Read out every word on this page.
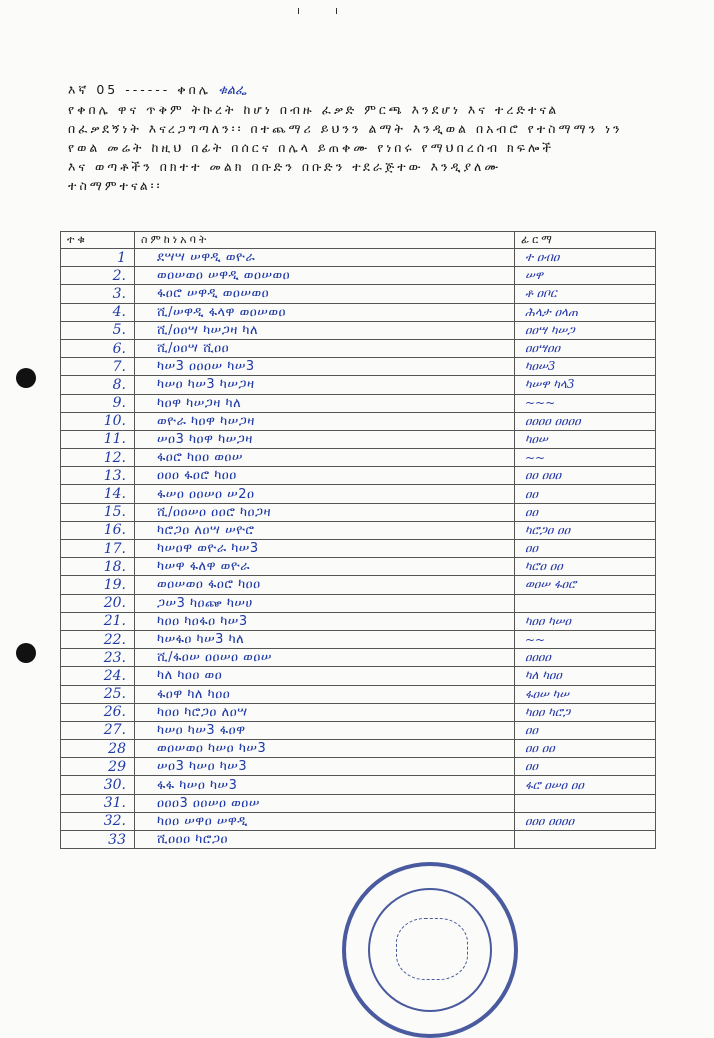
እኛ 05 ------ ቀበሌ ቁልፌ
የቀበሌ ዋና ጥቅም ትኩረት ከሆነ በብዙ ፈቃድ ምርጫ እንደሆነ እና ተረድተናል
በፈቃደኝነት እናረጋግጣለን፡፡ በተጨማሪ ይህንን ልማት እንዲወል በአብሮ የተስማማን ነን
የወል መሬት ከዚህ በፊት በሰርና በሌላ ይጠቀሙ የነበሩ የማህበረሰብ ክፍሎች
እና ወጣቶችን በክተተ መልክ በቡድን በቡድን ተደራጅተው እንዲያለሙ
ተስማምተናል፡፡
ተቁ	ስምከነአባት	ፊርማ
1	ደሣሣ ሠዋዲ ወዮራ	ተ ዐብዐ
2.	ወዐሠወዐ ሠዋዲ ወዐሠወዐ	ሠዋ
3.	ፋዐሮ ሠዋዲ ወዐሠወዐ	ቶ ዐቦር
4.	ሺ/ሠዋዲ ፋላዋ ወዐሠወዐ	ሕላታ ዐላጠ
5.	ሺ/ዐዐሣ ካሠጋዛ ካለ	ዐዐሣ ካሠጋ
6.	ሺ/ዐዐሣ ሺዐዐ	ዐዐሣዐዐ
7.	ካሠ3 ዐዐዐሠ ካሠ3	ካዐሠ3
8.	ካሠዐ ካሠ3 ካሠጋዛ	ካሠዋ ካላ3
9.	ካዐዋ ካሠጋዛ ካለ	~~~
10.	ወዮራ ካዐዋ ካሠጋዛ	ዐዐዐዐ ዐዐዐዐ
11.	ሠዐ3 ካዐዋ ካሠጋዛ	ካዐሠ
12.	ፋዐሮ ካዐዐ ወዐሠ	~~
13.	ዐዐዐ ፋዐሮ ካዐዐ	ዐዐ ዐዐዐ
14.	ፋሠዐ ዐዐሠዐ ሠ2ዐ	ዐዐ
15.	ሺ/ዐዐሠዐ ዐዐሮ ካዐጋዛ	ዐዐ
16.	ካሮጋዐ ለዐሣ ሠዮሮ	ካሮጋዐ ዐዐ
17.	ካሠዐዋ ወዮራ ካሠ3	ዐዐ
18.	ካሠዋ ፋለዋ ወዮራ	ካሮዐ ዐዐ
19.	ወዐሠወዐ ፋዐሮ ካዐዐ	ወዐሠ ፋዐሮ
20.	ጋሠ3 ካዐጬ ካሠሀ	
21.	ካዐዐ ካዐፋዐ ካሠ3	ካዐዐ ካሠዐ
22.	ካሠፋዐ ካሠ3 ካለ	~~
23.	ሺ/ፋዐሠ ዐዐሠዐ ወዐሠ	ዐዐዐዐ
24.	ካለ ካዐዐ ወዐ	ካለ ካዐዐ
25.	ፋዐዋ ካለ ካዐዐ	ፋዐሠ ካሠ
26.	ካዐዐ ካሮጋዐ ለዐሣ	ካዐዐ ካሮጋ
27.	ካሠዐ ካሠ3 ፋዐዋ	ዐዐ
28	ወዐሠወዐ ካሠዐ ካሠ3	ዐዐ ዐዐ
29	ሠዐ3 ካሠዐ ካሠ3	ዐዐ
30.	ፋፋ ካሠዐ ካሠ3	ፋሮ ዐሠዐ ዐዐ
31.	ዐዐዐ3 ዐዐሠዐ ወዐሠ	
32.	ካዐዐ ሠዋዐ ሠዋዲ	ዐዐዐ ዐዐዐዐ
33	ሺዐዐዐ ካሮጋዐ	
